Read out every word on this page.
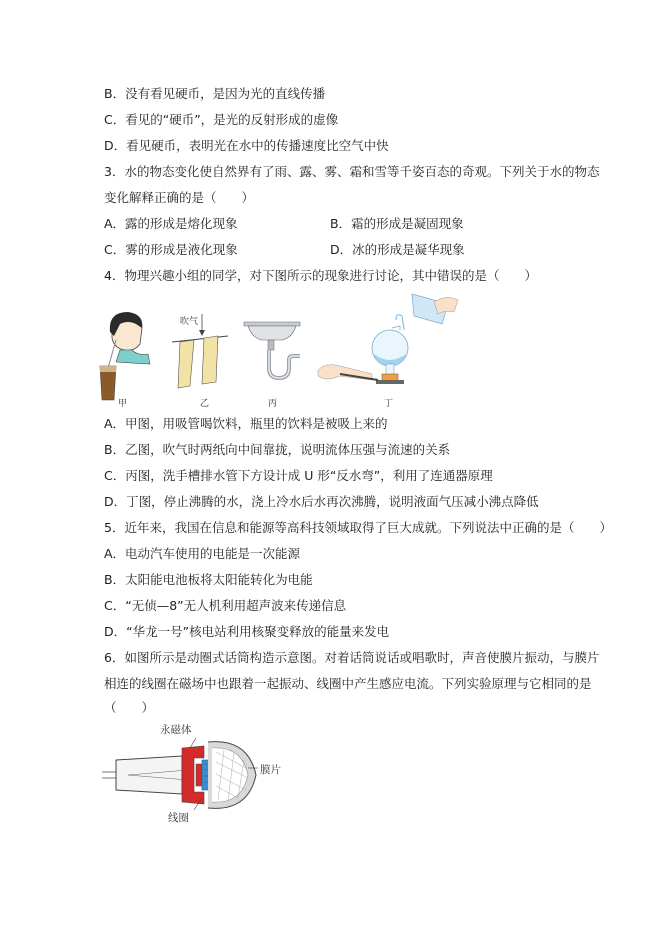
B．没有看见硬币，是因为光的直线传播
C．看见的“硬币”，是光的反射形成的虚像
D．看见硬币，表明光在水中的传播速度比空气中快
3．水的物态变化使自然界有了雨、露、雾、霜和雪等千姿百态的奇观。下列关于水的物态
变化解释正确的是（　　）
A．露的形成是熔化现象	B．霜的形成是凝固现象
C．雾的形成是液化现象	D．冰的形成是凝华现象
4．物理兴趣小组的同学，对下图所示的现象进行讨论，其中错误的是（　　）
甲
吹气
乙	丙	丁
A．甲图，用吸管喝饮料，瓶里的饮料是被吸上来的
B．乙图，吹气时两纸向中间靠拢，说明流体压强与流速的关系
C．丙图，洗手槽排水管下方设计成 U 形“反水弯”，利用了连通器原理
D．丁图，停止沸腾的水，浇上冷水后水再次沸腾，说明液面气压减小沸点降低
5．近年来，我国在信息和能源等高科技领域取得了巨大成就。下列说法中正确的是（　　）
A．电动汽车使用的电能是一次能源
B．太阳能电池板将太阳能转化为电能
C．“无侦—8”无人机利用超声波来传递信息
D．“华龙一号”核电站利用核聚变释放的能量来发电
6．如图所示是动圈式话筒构造示意图。对着话筒说话或唱歌时，声音使膜片振动，与膜片
相连的线圈在磁场中也跟着一起振动、线圈中产生感应电流。下列实验原理与它相同的是
（　　）
永磁体
膜片
线圈
